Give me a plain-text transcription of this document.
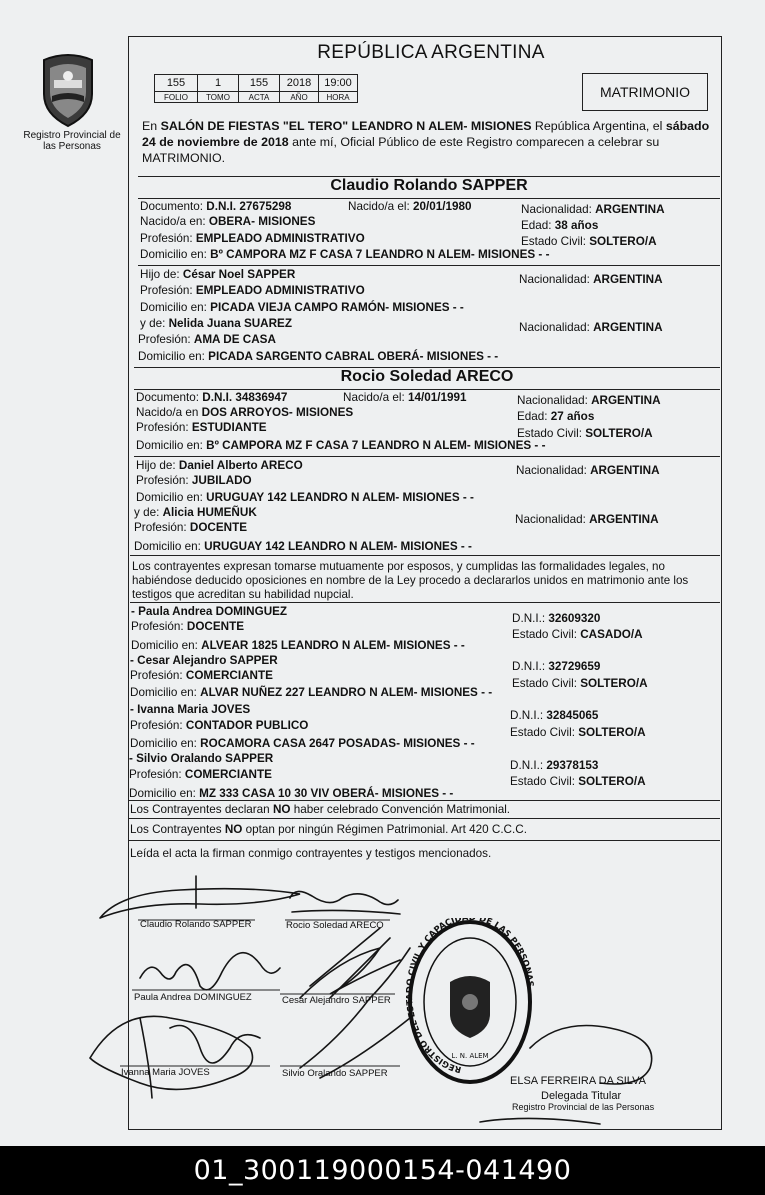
Registro Provincial de las Personas
REPÚBLICA ARGENTINA
155	1	155	2018	19:00
FOLIO	TOMO	ACTA	AÑO	HORA	MATRIMONIO
En SALÓN DE FIESTAS "EL TERO" LEANDRO N ALEM- MISIONES República Argentina, el sábado 24 de noviembre de 2018 ante mí, Oficial Público de este Registro comparecen a celebrar su MATRIMONIO.
Claudio Rolando SAPPER
Documento: D.N.I. 27675298	Nacido/a el: 20/01/1980	Nacionalidad: ARGENTINA
Nacido/a en: OBERA- MISIONES	Edad: 38 años
Profesión: EMPLEADO ADMINISTRATIVO	Estado Civil: SOLTERO/A
Domicilio en: Bº CAMPORA MZ F CASA 7 LEANDRO N ALEM- MISIONES - -
Hijo de: César Noel SAPPER	Nacionalidad: ARGENTINA
Profesión: EMPLEADO ADMINISTRATIVO
Domicilio en: PICADA VIEJA CAMPO RAMÓN- MISIONES - -
y de: Nelida Juana SUAREZ	Nacionalidad: ARGENTINA
Profesión: AMA DE CASA
Domicilio en: PICADA SARGENTO CABRAL OBERÁ- MISIONES - -
Rocio Soledad ARECO
Documento: D.N.I. 34836947	Nacido/a el: 14/01/1991	Nacionalidad: ARGENTINA
Nacido/a en DOS ARROYOS- MISIONES	Edad: 27 años
Profesión: ESTUDIANTE	Estado Civil: SOLTERO/A
Domicilio en: Bº CAMPORA MZ F CASA 7 LEANDRO N ALEM- MISIONES - -
Hijo de: Daniel Alberto ARECO	Nacionalidad: ARGENTINA
Profesión: JUBILADO
Domicilio en: URUGUAY 142 LEANDRO N ALEM- MISIONES - -
y de: Alicia HUMEÑUK
Nacionalidad: ARGENTINA
Profesión: DOCENTE
Domicilio en: URUGUAY 142 LEANDRO N ALEM- MISIONES - -
Los contrayentes expresan tomarse mutuamente por esposos, y cumplidas las formalidades legales, no habiéndose deducido oposiciones en nombre de la Ley procedo a declararlos unidos en matrimonio ante los testigos que acreditan su habilidad nupcial.
- Paula Andrea DOMINGUEZ
D.N.I.: 32609320
Profesión: DOCENTE
Estado Civil: CASADO/A
Domicilio en: ALVEAR 1825 LEANDRO N ALEM- MISIONES - -
- Cesar Alejandro SAPPER	D.N.I.: 32729659
Profesión: COMERCIANTE
Estado Civil: SOLTERO/A
Domicilio en: ALVAR NUÑEZ 227 LEANDRO N ALEM- MISIONES - -
- Ivanna Maria JOVES	D.N.I.: 32845065
Profesión: CONTADOR PUBLICO
Estado Civil: SOLTERO/A
Domicilio en: ROCAMORA CASA 2647 POSADAS- MISIONES - -
- Silvio Oralando SAPPER
D.N.I.: 29378153
Profesión: COMERCIANTE
Estado Civil: SOLTERO/A
Domicilio en: MZ 333 CASA 10 30 VIV OBERÁ- MISIONES - -
Los Contrayentes declaran NO haber celebrado Convención Matrimonial.
Los Contrayentes NO optan por ningún Régimen Patrimonial. Art 420 C.C.C.
Leída el acta la firman conmigo contrayentes y testigos mencionados.
Claudio Rolando SAPPER	Rocio Soledad ARECO
Paula Andrea DOMINGUEZ	Cesar Alejandro SAPPER
Ivanna Maria JOVES	Silvio Oralando SAPPER	REGISTRO DEL ESTADO CIVIL Y CAPACIDAD DE LAS PERSONAS
L. N. ALEM
ELSA FERREIRA DA SILVA
Delegada Titular
Registro Provincial de las Personas
01_300119000154-041490
